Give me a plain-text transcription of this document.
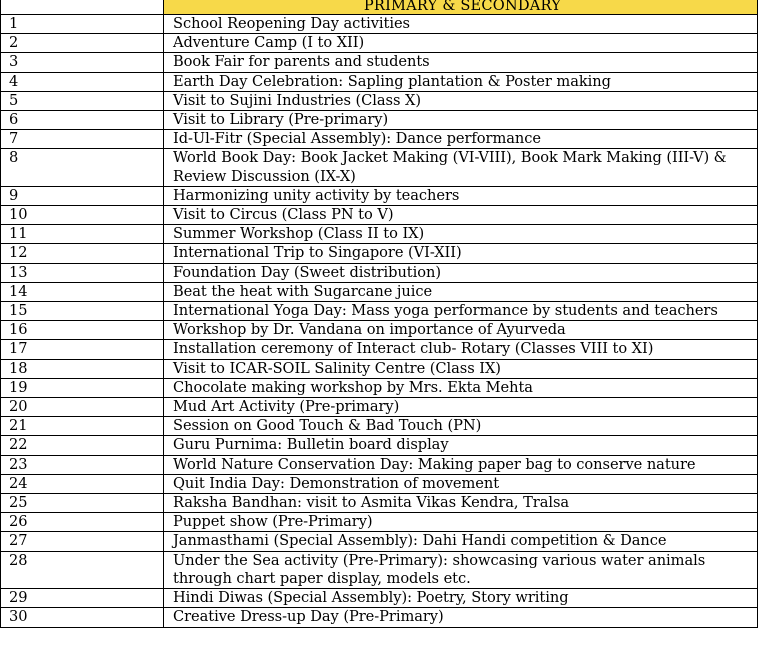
	PRIMARY & SECONDARY
1	School Reopening Day activities
2	Adventure Camp (I to XII)
3	Book Fair for parents and students
4	Earth Day Celebration: Sapling plantation & Poster making
5	Visit to Sujini Industries (Class X)
6	Visit to Library (Pre-primary)
7	Id-Ul-Fitr (Special Assembly): Dance performance
8	World Book Day: Book Jacket Making (VI-VIII), Book Mark Making (III-V) & Review Discussion (IX-X)
9	Harmonizing unity activity by teachers
10	Visit to Circus (Class PN to V)
11	Summer Workshop (Class II to IX)
12	International Trip to Singapore (VI-XII)
13	Foundation Day (Sweet distribution)
14	Beat the heat with Sugarcane juice
15	International Yoga Day: Mass yoga performance by students and teachers
16	Workshop by Dr. Vandana on importance of Ayurveda
17	Installation ceremony of Interact club- Rotary (Classes VIII to XI)
18	Visit to ICAR-SOIL Salinity Centre (Class IX)
19	Chocolate making workshop by Mrs. Ekta Mehta
20	Mud Art Activity (Pre-primary)
21	Session on Good Touch & Bad Touch (PN)
22	Guru Purnima: Bulletin board display
23	World Nature Conservation Day: Making paper bag to conserve nature
24	Quit India Day: Demonstration of movement
25	Raksha Bandhan: visit to Asmita Vikas Kendra, Tralsa
26	Puppet show (Pre-Primary)
27	Janmasthami (Special Assembly): Dahi Handi competition & Dance
28	Under the Sea activity (Pre-Primary): showcasing various water animals through chart paper display, models etc.
29	Hindi Diwas (Special Assembly): Poetry, Story writing
30	Creative Dress-up Day (Pre-Primary)
